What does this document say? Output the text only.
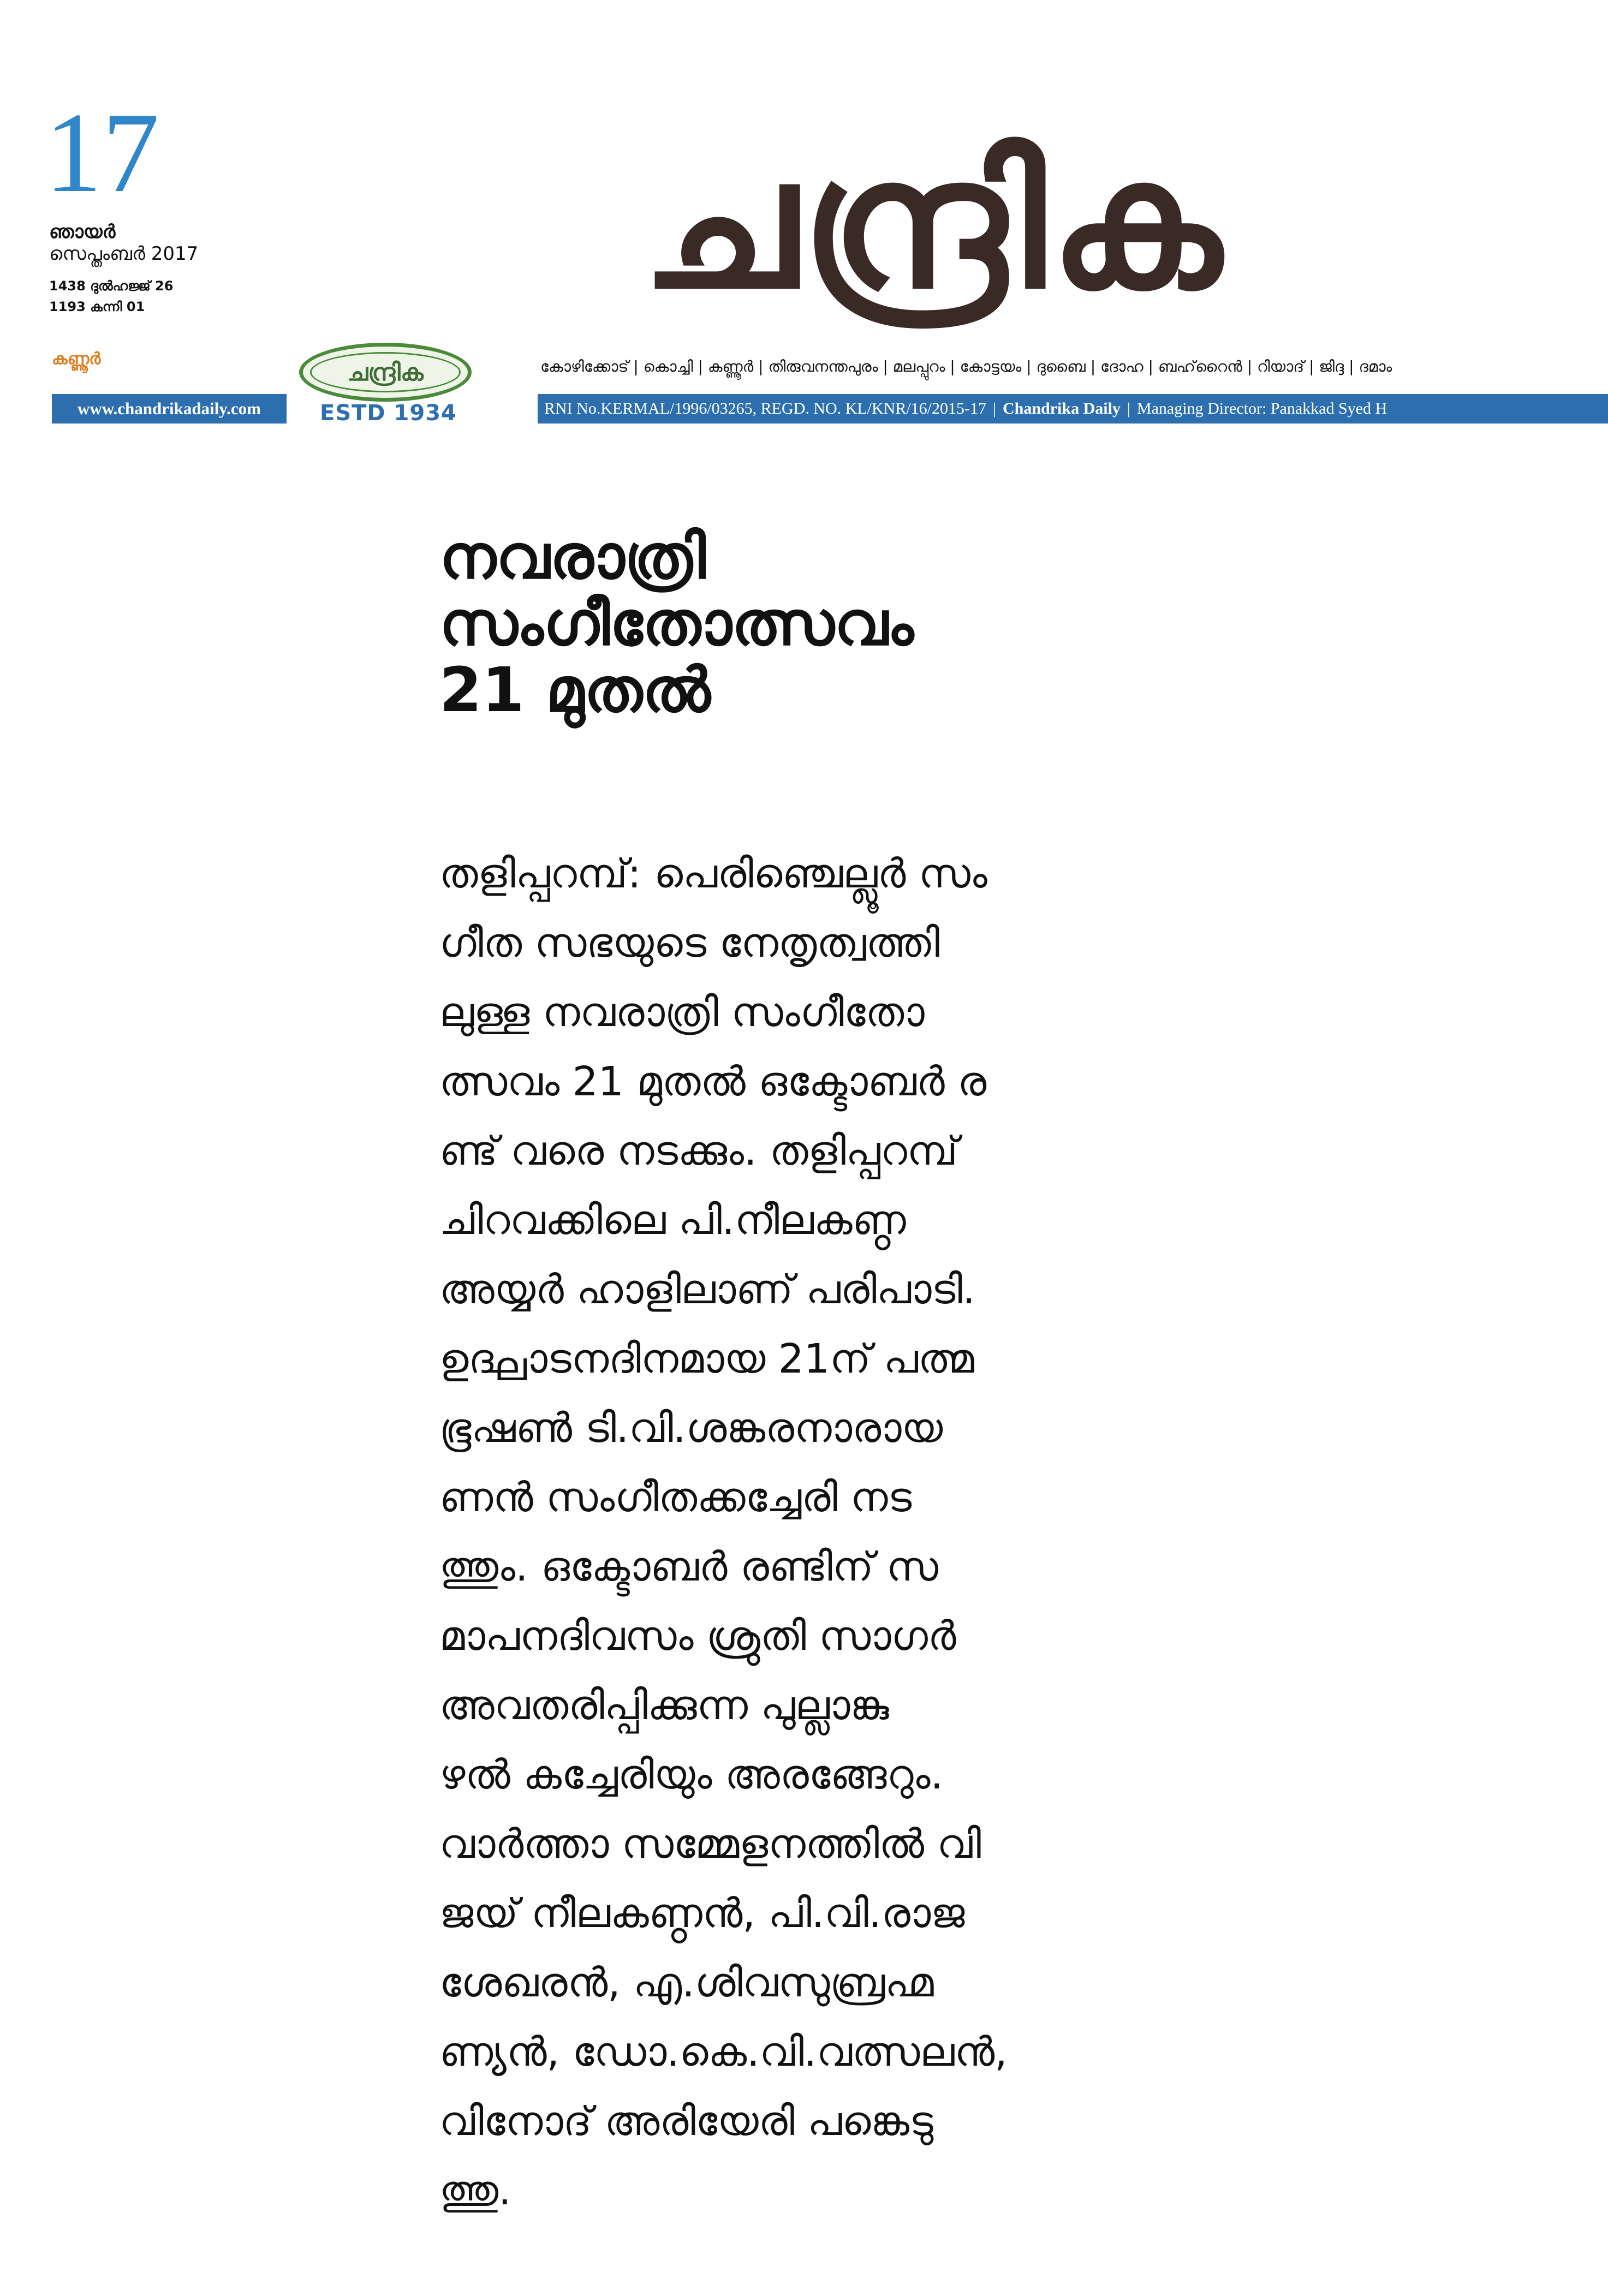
17
ഞായർ
സെപ്തംബർ 2017
1438 ദുൽഹജ്ജ് 26
1193 കന്നി 01
കണ്ണൂർ
ചന്ദ്രിക
ചന്ദ്രിക
ESTD 1934
കോഴിക്കോട് | കൊച്ചി | കണ്ണൂർ | തിരുവനന്തപുരം | മലപ്പുറം | കോട്ടയം | ദുബൈ | ദോഹ | ബഹ്‌റൈൻ | റിയാദ് | ജിദ്ദ | ദമാം
www.chandrikadaily.com	RNI No.KERMAL/1996/03265, REGD. NO. KL/KNR/16/2015-17 | Chandrika Daily | Managing Director: Panakkad Syed H
നവരാത്രി
സംഗീതോത്സവം
21 മുതൽ
തളിപ്പറമ്പ്: പെരിഞ്ചെല്ലൂർ സം
ഗീത സഭയുടെ നേതൃത്വത്തി
ലുള്ള നവരാത്രി സംഗീതോ
ത്സവം 21 മുതൽ ഒക്ടോബർ ര
ണ്ട് വരെ നടക്കും. തളിപ്പറമ്പ്
ചിറവക്കിലെ പി.നീലകണ്ഠ
അയ്യർ ഹാളിലാണ് പരിപാടി.
ഉദ്ഘാടനദിനമായ 21ന് പത്മ
ഭൂഷൺ ടി.വി.ശങ്കരനാരായ
ണൻ സംഗീതക്കച്ചേരി നട
ത്തും. ഒക്ടോബർ രണ്ടിന് സ
മാപനദിവസം ശ്രുതി സാഗർ
അവതരിപ്പിക്കുന്ന പുല്ലാങ്കു
ഴൽ കച്ചേരിയും അരങ്ങേറും.
വാർത്താ സമ്മേളനത്തിൽ വി
ജയ് നീലകണ്ഠൻ, പി.വി.രാജ
ശേഖരൻ, എ.ശിവസുബ്രഹ്മ
ണ്യൻ, ഡോ.കെ.വി.വത്സലൻ,
വിനോദ് അരിയേരി പങ്കെടു
ത്തു.
